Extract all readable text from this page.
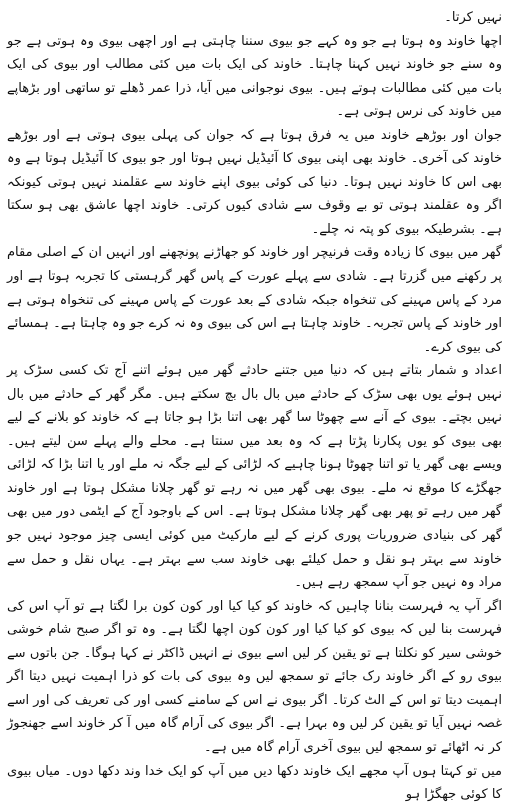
نہیں کرتا۔

اچھا خاوند وہ ہوتا ہے جو وہ کہے جو بیوی سننا چاہتی ہے اور اچھی بیوی وہ ہوتی ہے جو وہ سنے جو خاوند نہیں کہنا چاہتا۔ خاوند کی ایک بات میں کئی مطالب اور بیوی کی ایک بات میں کئی مطالبات ہوتے ہیں۔ بیوی نوجوانی میں آیا، ذرا عمر ڈھلے تو ساتھی اور بڑھاپے میں خاوند کی نرس ہوتی ہے۔

جوان اور بوڑھے خاوند میں یہ فرق ہوتا ہے کہ جوان کی پہلی بیوی ہوتی ہے اور بوڑھے خاوند کی آخری۔ خاوند بھی اپنی بیوی کا آئیڈیل نہیں ہوتا اور جو بیوی کا آئیڈیل ہوتا ہے وہ بھی اس کا خاوند نہیں ہوتا۔ دنیا کی کوئی بیوی اپنے خاوند سے عقلمند نہیں ہوتی کیونکہ اگر وہ عقلمند ہوتی تو بے وقوف سے شادی کیوں کرتی۔ خاوند اچھا عاشق بھی ہو سکتا ہے۔ بشرطیکہ بیوی کو پتہ نہ چلے۔

گھر میں بیوی کا زیادہ وقت فرنیچر اور خاوند کو جھاڑنے پونچھنے اور انہیں ان کے اصلی مقام پر رکھنے میں گزرتا ہے۔ شادی سے پہلے عورت کے پاس گھر گرہستی کا تجربہ ہوتا ہے اور مرد کے پاس مہینے کی تنخواہ جبکہ شادی کے بعد عورت کے پاس مہینے کی تنخواہ ہوتی ہے اور خاوند کے پاس تجربہ۔ خاوند چاہتا ہے اس کی بیوی وہ نہ کرے جو وہ چاہتا ہے۔ ہمسائے کی بیوی کرے۔

اعداد و شمار بتاتے ہیں کہ دنیا میں جتنے حادثے گھر میں ہوئے اتنے آج تک کسی سڑک پر نہیں ہوئے یوں بھی سڑک کے حادثے میں بال بال بچ سکتے ہیں۔ مگر گھر کے حادثے میں بال نہیں بچتے۔ بیوی کے آنے سے چھوٹا سا گھر بھی اتنا بڑا ہو جاتا ہے کہ خاوند کو بلانے کے لیے بھی بیوی کو یوں پکارنا پڑتا ہے کہ وہ بعد میں سنتا ہے۔ محلے والے پہلے سن لیتے ہیں۔ ویسے بھی گھر یا تو اتنا چھوٹا ہونا چاہیے کہ لڑائی کے لیے جگہ نہ ملے اور یا اتنا بڑا کہ لڑائی جھگڑے کا موقع نہ ملے۔ بیوی بھی گھر میں نہ رہے تو گھر چلانا مشکل ہوتا ہے اور خاوند گھر میں رہے تو پھر بھی گھر چلانا مشکل ہوتا ہے۔ اس کے باوجود آج کے ایٹمی دور میں بھی گھر کی بنیادی ضروریات پوری کرنے کے لیے مارکیٹ میں کوئی ایسی چیز موجود نہیں جو خاوند سے بہتر ہو نقل و حمل کیلئے بھی خاوند سب سے بہتر ہے۔ یہاں نقل و حمل سے مراد وہ نہیں جو آپ سمجھ رہے ہیں۔

اگر آپ یہ فہرست بنانا چاہیں کہ خاوند کو کیا کیا اور کون کون برا لگتا ہے تو آپ اس کی فہرست بنا لیں کہ بیوی کو کیا کیا اور کون کون اچھا لگتا ہے۔ وہ تو اگر صبح شام خوشی خوشی سیر کو نکلتا ہے تو یقین کر لیں اسے بیوی نے انہیں ڈاکٹر نے کہا ہوگا۔ جن باتوں سے بیوی رو کے اگر خاوند رک جائے تو سمجھ لیں وہ بیوی کی بات کو ذرا اہمیت نہیں دیتا اگر اہمیت دیتا تو اس کے الٹ کرتا۔ اگر بیوی نے اس کے سامنے کسی اور کی تعریف کی اور اسے غصہ نہیں آیا تو یقین کر لیں وہ بہرا ہے۔ اگر بیوی کی آرام گاہ میں آ کر خاوند اسے جھنجوڑ کر نہ اٹھائے تو سمجھ لیں بیوی آخری آرام گاہ میں ہے۔

میں تو کہتا ہوں آپ مجھے ایک خاوند دکھا دیں میں آپ کو ایک خدا وند دکھا دوں۔ میاں بیوی کا کوئی جھگڑا ہو
